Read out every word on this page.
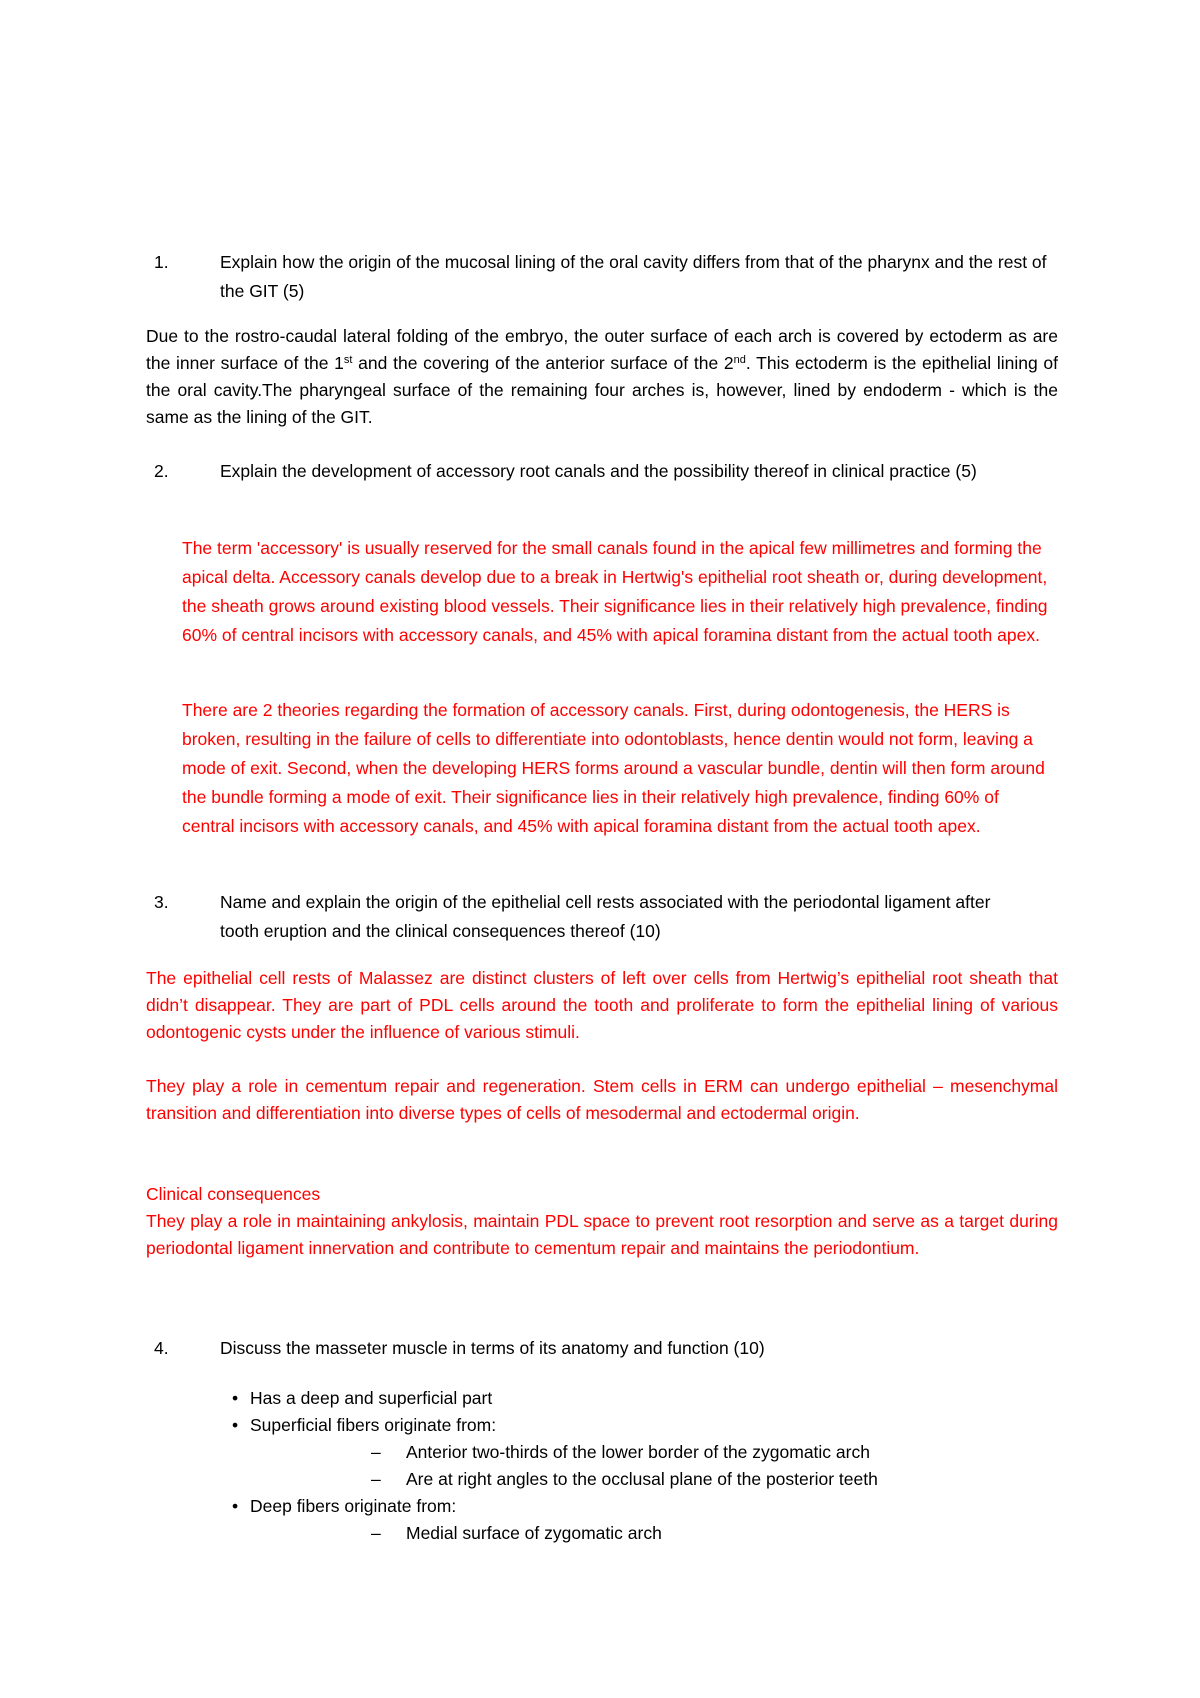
1.	Explain how the origin of the mucosal lining of the oral cavity differs from that of the pharynx and the rest of the GIT (5)
Due to the rostro-caudal lateral folding of the embryo, the outer surface of each arch is covered by ectoderm as are the inner surface of the 1st and the covering of the anterior surface of the 2nd. This ectoderm is the epithelial lining of the oral cavity.The pharyngeal surface of the remaining four arches is, however, lined by endoderm - which is the same as the lining of the GIT.
2.	Explain the development of accessory root canals and the possibility thereof in clinical practice (5)
The term 'accessory' is usually reserved for the small canals found in the apical few millimetres and forming the apical delta. Accessory canals develop due to a break in Hertwig's epithelial root sheath or, during development, the sheath grows around existing blood vessels. Their significance lies in their relatively high prevalence, finding 60% of central incisors with accessory canals, and 45% with apical foramina distant from the actual tooth apex.
There are 2 theories regarding the formation of accessory canals. First, during odontogenesis, the HERS is broken, resulting in the failure of cells to differentiate into odontoblasts, hence dentin would not form, leaving a mode of exit. Second, when the developing HERS forms around a vascular bundle, dentin will then form around the bundle forming a mode of exit. Their significance lies in their relatively high prevalence, finding 60% of central incisors with accessory canals, and 45% with apical foramina distant from the actual tooth apex.
3.	Name and explain the origin of the epithelial cell rests associated with the periodontal ligament after tooth eruption and the clinical consequences thereof (10)
The epithelial cell rests of Malassez are distinct clusters of left over cells from Hertwig’s epithelial root sheath that didn’t disappear. They are part of PDL cells around the tooth and proliferate to form the epithelial lining of various odontogenic cysts under the influence of various stimuli.
They play a role in cementum repair and regeneration. Stem cells in ERM can undergo epithelial – mesenchymal transition and differentiation into diverse types of cells of mesodermal and ectodermal origin.
Clinical consequences
They play a role in maintaining ankylosis, maintain PDL space to prevent root resorption and serve as a target during periodontal ligament innervation and contribute to cementum repair and maintains the periodontium.
4.	Discuss the masseter muscle in terms of its anatomy and function (10)
• Has a deep and superficial part
• Superficial fibers originate from:
– Anterior two-thirds of the lower border of the zygomatic arch
– Are at right angles to the occlusal plane of the posterior teeth
• Deep fibers originate from:
– Medial surface of zygomatic arch
